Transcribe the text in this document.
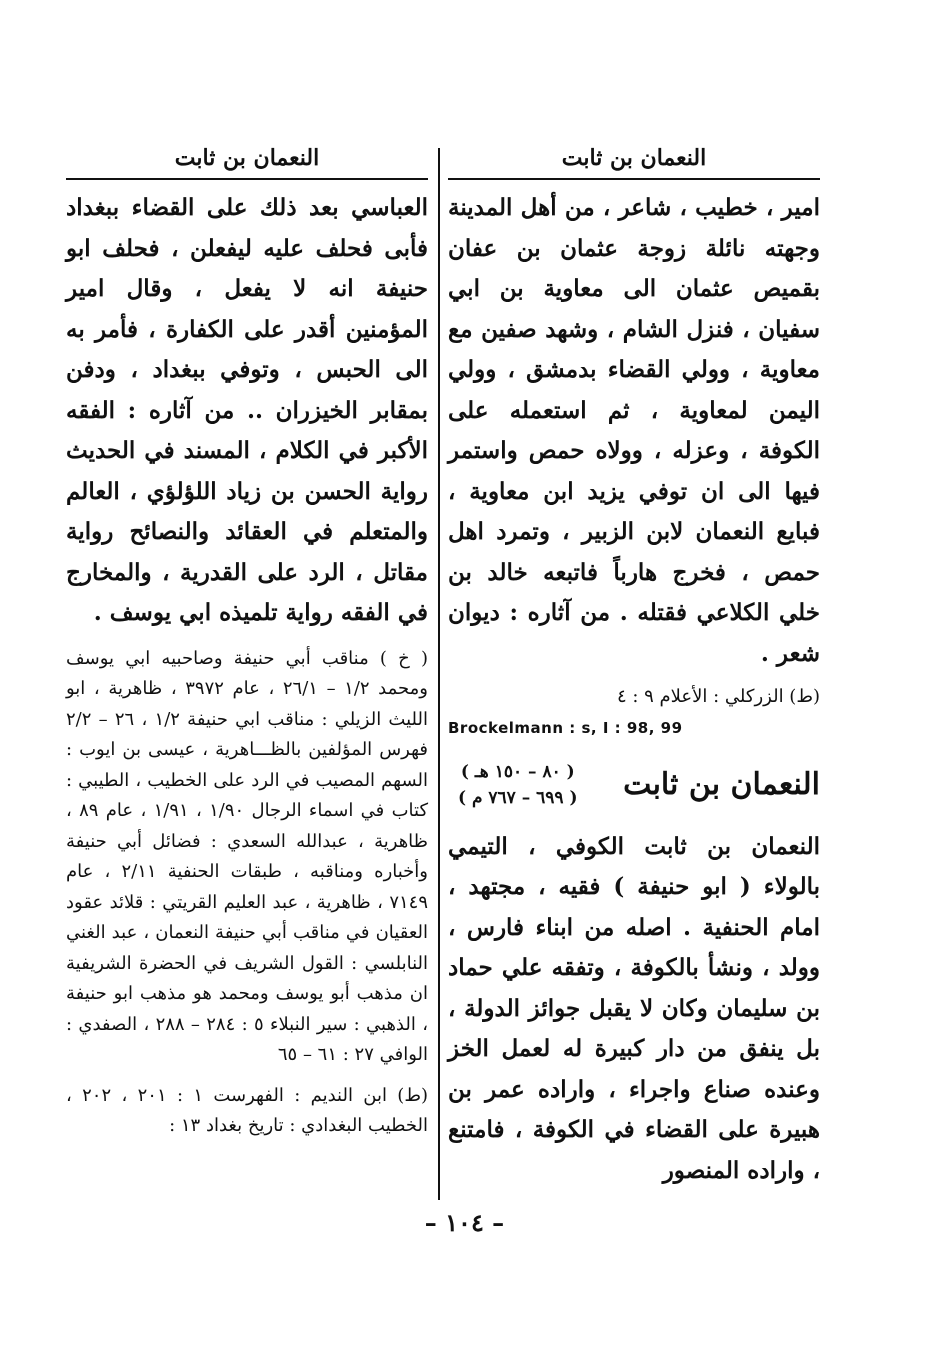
النعمان بن ثابت

امير ، خطيب ، شاعر ، من أهل المدينة وجهته نائلة زوجة عثمان بن عفان بقميص عثمان الى معاوية بن ابي سفيان ، فنزل الشام ، وشهد صفين مع معاوية ، وولي القضاء بدمشق ، وولي اليمن لمعاوية ، ثم استعمله على الكوفة ، وعزله ، وولاه حمص واستمر فيها الى ان توفي يزيد ابن معاوية ، فبايع النعمان لابن الزبير ، وتمرد اهل حمص ، فخرج هارباً فاتبعه خالد بن خلي الكلاعي فقتله . من آثاره : ديوان شعر .

(ط) الزركلي : الأعلام ٩ : ٤

Brockelmann : s, I : 98, 99

النعمان بن ثابت
( ٨٠ – ١٥٠ هـ )
( ٦٩٩ – ٧٦٧ م )

النعمان بن ثابت الكوفي ، التيمي بالولاء ( ابو حنيفة ) فقيه ، مجتهد ، امام الحنفية . اصله من ابناء فارس ، وولد ، ونشأ بالكوفة ، وتفقه علي حماد بن سليمان وكان لا يقبل جوائز الدولة ، بل ينفق من دار كبيرة له لعمل الخز وعنده صناع واجراء ، واراده عمر بن هبيرة على القضاء في الكوفة ، فامتنع ، واراده المنصور

النعمان بن ثابت

العباسي بعد ذلك على القضاء ببغداد فأبى فحلف عليه ليفعلن ، فحلف ابو حنيفة انه لا يفعل ، وقال امير المؤمنين أقدر على الكفارة ، فأمر به الى الحبس ، وتوفي ببغداد ، ودفن بمقابر الخيزران .. من آثاره : الفقه الأكبر في الكلام ، المسند في الحديث رواية الحسن بن زياد اللؤلؤي ، العالم والمتعلم في العقائد والنصائح رواية مقاتل ، الرد على القدرية ، والمخارج في الفقه رواية تلميذه ابي يوسف .

( خ ) مناقب أبي حنيفة وصاحبيه ابي يوسف ومحمد ١/٢ – ٢٦/١ ، عام ٣٩٧٢ ، ظاهرية ، ابو الليث الزيلي : مناقب ابي حنيفة ١/٢ ، ٢٦ – ٢/٢ فهرس المؤلفين بالظـــاهرية ، عيسى بن ايوب : السهم المصيب في الرد على الخطيب ، الطيبي : كتاب في اسماء الرجال ١/٩٠ ، ١/٩١ ، عام ٨٩ ، ظاهرية ، عبدالله السعدي : فضائل أبي حنيفة وأخباره ومناقبه ، طبقات الحنفية ٢/١١ ، عام ٧١٤٩ ، ظاهرية ، عبد العليم القريتي : قلائد عقود العقيان في مناقب أبي حنيفة النعمان ، عبد الغني النابلسي : القول الشريف في الحضرة الشريفية ان مذهب أبو يوسف ومحمد هو مذهب ابو حنيفة ، الذهبي : سير النبلاء ٥ : ٢٨٤ – ٢٨٨ ، الصفدي : الوافي ٢٧ : ٦١ – ٦٥

(ط) ابن النديم : الفهرست ١ : ٢٠١ ، ٢٠٢ ، الخطيب البغدادي : تاريخ بغداد ١٣ :

– ١٠٤ –
